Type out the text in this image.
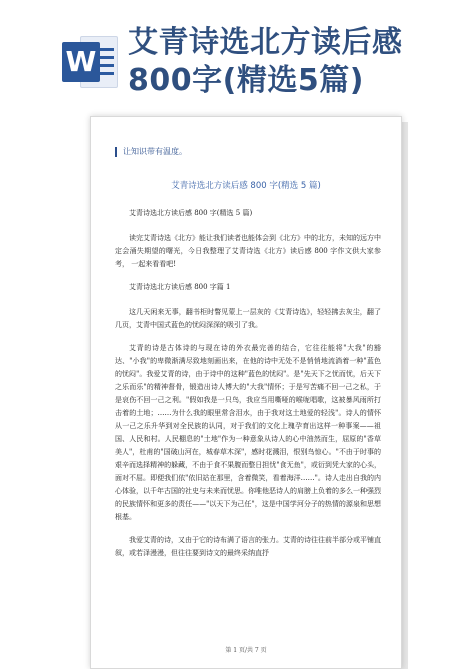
W
艾青诗选北方读后感800字(精选5篇)
让知识带有温度。
艾青诗选北方读后感 800 字(精选 5 篇)

艾青诗选北方读后感 800 字(精选 5 篇)

读完艾青诗选《北方》能让我们读者也能体会到《北方》中的北方，未知的远方中定会涌失期望的曙光，今日我整理了艾青诗选《北方》读后感 800 字作文供大家参考， 一起来看看吧!

艾青诗选北方读后感 800 字篇 1

这几天闲来无事，翻书柜时瞥见蒙上一层灰的《艾青诗选》，轻轻拂去灰尘，翻了几页，艾青中国式蓝色的忧闷深深的吸引了我。

艾青的诗是古体诗的与现在诗的外衣最完善的结合，它往往能将"大我"的豁达、"小我"的卑微渐满尽致地刻画出来，在他的诗中无处不是悄悄地流淌着一种"蓝色的忧闷"。我爱艾青的诗，由于诗中的这种"蓝色的忧闷"。是"先天下之忧而忧，后天下之乐而乐"的精神督骨，锻造出诗人博大的"大我"情怀；于是写苦痛不回一己之私，于是哀伤不回一己之利。"假如我是一只鸟，我应当用嘶哑的喉咙唱歌，这被暴风雨所打击着的土地；……为什么我的眼里常含泪水，由于我对这土地爱的轻浅"。诗人的情怀从一己之乐升华到对全民族的认同，对于我们的文化上瑰孕育出这样一种事案——祖国、人民和村。人民棚息的"土地"作为一种意象从诗人的心中油然而生，屈原的"香草美人"，杜甫的"国破山河在，城春草木深"，感时花溅泪，恨别鸟惊心。"不由于时事的艰辛而选择精神的躲藏，不由于食不果腹而整日担忧"食无鱼"，或衍到凭大家的心头，面对不屈。即便我们依"依旧站在那里，含着微笑，看着海洋……"。诗人走出自我的内心体验，以千年古国的社史与未来而忧思。你唯他恶诗人的肩膀上负着的多么一种强烈的民族情怀和更多的责任——"以天下为己任"，这是中国学河分子的热情的源泉和思想根基。

我爱艾青的诗，又由于它的诗布满了语言的张力。艾青的诗往往前半部分或平铺直叙，或若泽漫漫，但往往要到诗文的最终采纳直抒

第 1 页/共 7 页
